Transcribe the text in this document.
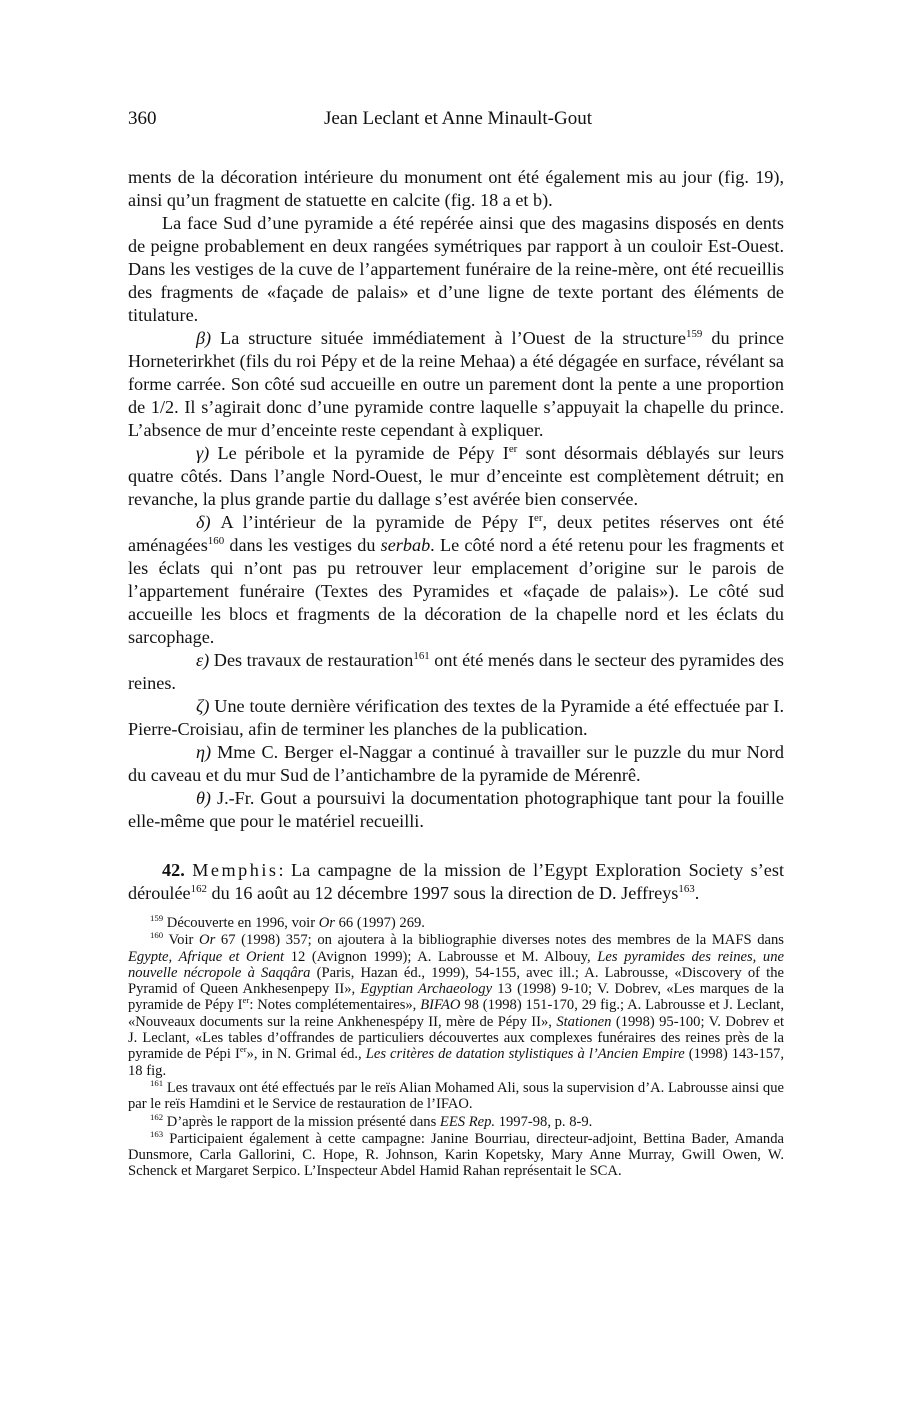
360	Jean Leclant et Anne Minault-Gout

ments de la décoration intérieure du monument ont été également mis au jour (fig. 19), ainsi qu’un fragment de statuette en calcite (fig. 18 a et b).

La face Sud d’une pyramide a été repérée ainsi que des magasins disposés en dents de peigne probablement en deux rangées symétriques par rapport à un couloir Est-Ouest. Dans les vestiges de la cuve de l’appartement funéraire de la reine-mère, ont été recueillis des fragments de «façade de palais» et d’une ligne de texte portant des éléments de titulature.

β) La structure située immédiatement à l’Ouest de la structure$^{159}$ du prince Horneterirkhet (fils du roi Pépy et de la reine Mehaa) a été dégagée en surface, révélant sa forme carrée. Son côté sud accueille en outre un parement dont la pente a une proportion de 1/2. Il s’agirait donc d’une pyramide contre laquelle s’appuyait la chapelle du prince. L’absence de mur d’enceinte reste cependant à expliquer.

γ) Le péribole et la pyramide de Pépy Ier sont désormais déblayés sur leurs quatre côtés. Dans l’angle Nord-Ouest, le mur d’enceinte est complètement détruit; en revanche, la plus grande partie du dallage s’est avérée bien conservée.

δ) A l’intérieur de la pyramide de Pépy Ier, deux petites réserves ont été aménagées$^{160}$ dans les vestiges du serbab. Le côté nord a été retenu pour les fragments et les éclats qui n’ont pas pu retrouver leur emplacement d’origine sur le parois de l’appartement funéraire (Textes des Pyramides et «façade de palais»). Le côté sud accueille les blocs et fragments de la décoration de la chapelle nord et les éclats du sarcophage.

ε) Des travaux de restauration$^{161}$ ont été menés dans le secteur des pyramides des reines.

ζ) Une toute dernière vérification des textes de la Pyramide a été effectuée par I. Pierre-Croisiau, afin de terminer les planches de la publication.

η) Mme C. Berger el-Naggar a continué à travailler sur le puzzle du mur Nord du caveau et du mur Sud de l’antichambre de la pyramide de Mérenrê.

θ) J.-Fr. Gout a poursuivi la documentation photographique tant pour la fouille elle-même que pour le matériel recueilli.

42. Memphis: La campagne de la mission de l’Egypt Exploration Society s’est déroulée$^{162}$ du 16 août au 12 décembre 1997 sous la direction de D. Jeffreys$^{163}$.

$^{159}$ Découverte en 1996, voir Or 66 (1997) 269.

$^{160}$ Voir Or 67 (1998) 357; on ajoutera à la bibliographie diverses notes des membres de la MAFS dans Egypte, Afrique et Orient 12 (Avignon 1999); A. Labrousse et M. Albouy, Les pyramides des reines, une nouvelle nécropole à Saqqâra (Paris, Hazan éd., 1999), 54-155, avec ill.; A. Labrousse, «Discovery of the Pyramid of Queen Ankhesenpepy II», Egyptian Archaeology 13 (1998) 9-10; V. Dobrev, «Les marques de la pyramide de Pépy Ier: Notes complétementaires», BIFAO 98 (1998) 151-170, 29 fig.; A. Labrousse et J. Leclant, «Nouveaux documents sur la reine Ankhenespépy II, mère de Pépy II», Stationen (1998) 95-100; V. Dobrev et J. Leclant, «Les tables d’offrandes de particuliers découvertes aux complexes funéraires des reines près de la pyramide de Pépi Ier», in N. Grimal éd., Les critères de datation stylistiques à l’Ancien Empire (1998) 143-157, 18 fig.

$^{161}$ Les travaux ont été effectués par le reïs Alian Mohamed Ali, sous la supervision d’A. Labrousse ainsi que par le reïs Hamdini et le Service de restauration de l’IFAO.

$^{162}$ D’après le rapport de la mission présenté dans EES Rep. 1997-98, p. 8-9.

$^{163}$ Participaient également à cette campagne: Janine Bourriau, directeur-adjoint, Bettina Bader, Amanda Dunsmore, Carla Gallorini, C. Hope, R. Johnson, Karin Kopetsky, Mary Anne Murray, Gwill Owen, W. Schenck et Margaret Serpico. L’Inspecteur Abdel Hamid Rahan représentait le SCA.
